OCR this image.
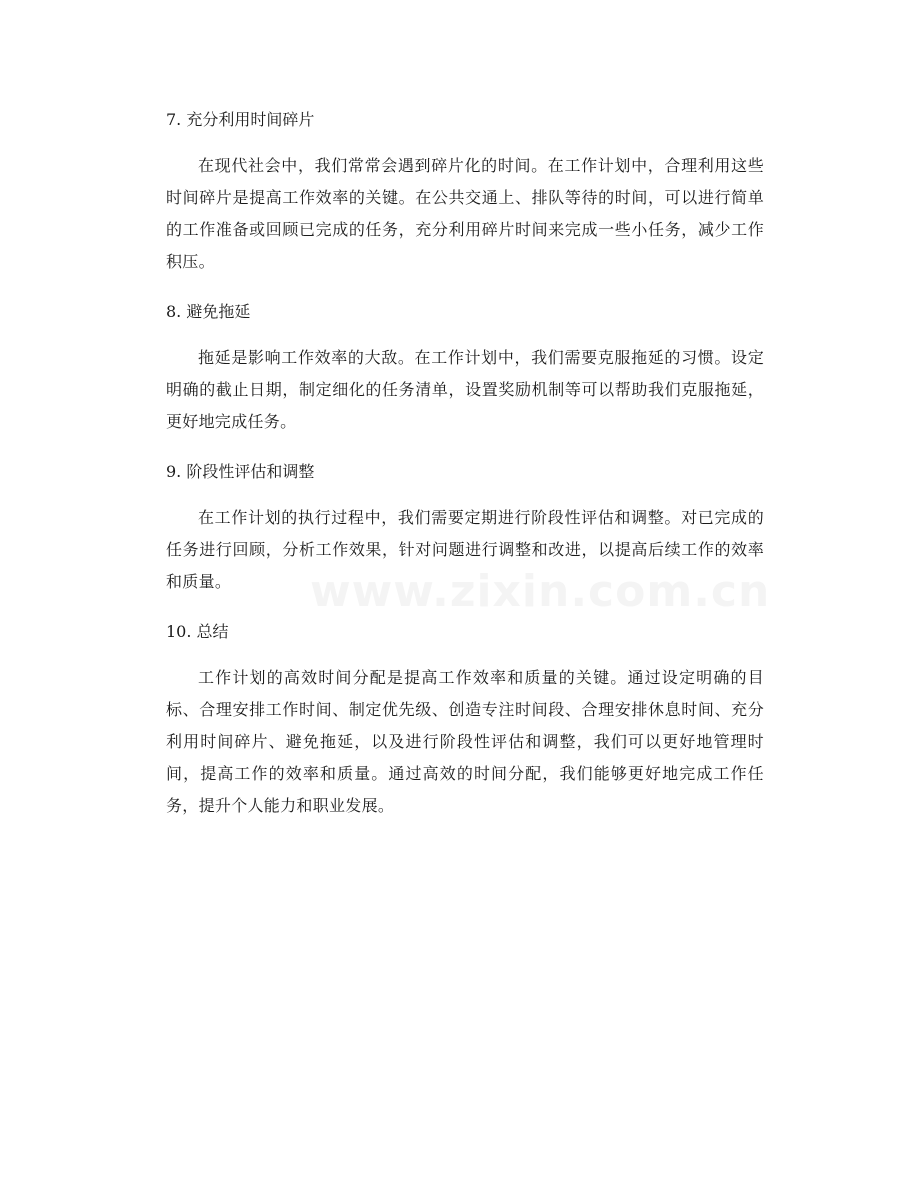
7. 充分利用时间碎片

在现代社会中，我们常常会遇到碎片化的时间。在工作计划中，合理利用这些时间碎片是提高工作效率的关键。在公共交通上、排队等待的时间，可以进行简单的工作准备或回顾已完成的任务，充分利用碎片时间来完成一些小任务，减少工作积压。

8. 避免拖延

拖延是影响工作效率的大敌。在工作计划中，我们需要克服拖延的习惯。设定明确的截止日期，制定细化的任务清单，设置奖励机制等可以帮助我们克服拖延，更好地完成任务。

9. 阶段性评估和调整

在工作计划的执行过程中，我们需要定期进行阶段性评估和调整。对已完成的任务进行回顾，分析工作效果，针对问题进行调整和改进，以提高后续工作的效率和质量。

10. 总结

工作计划的高效时间分配是提高工作效率和质量的关键。通过设定明确的目标、合理安排工作时间、制定优先级、创造专注时间段、合理安排休息时间、充分利用时间碎片、避免拖延，以及进行阶段性评估和调整，我们可以更好地管理时间，提高工作的效率和质量。通过高效的时间分配，我们能够更好地完成工作任务，提升个人能力和职业发展。

www.zixin.com.cn
